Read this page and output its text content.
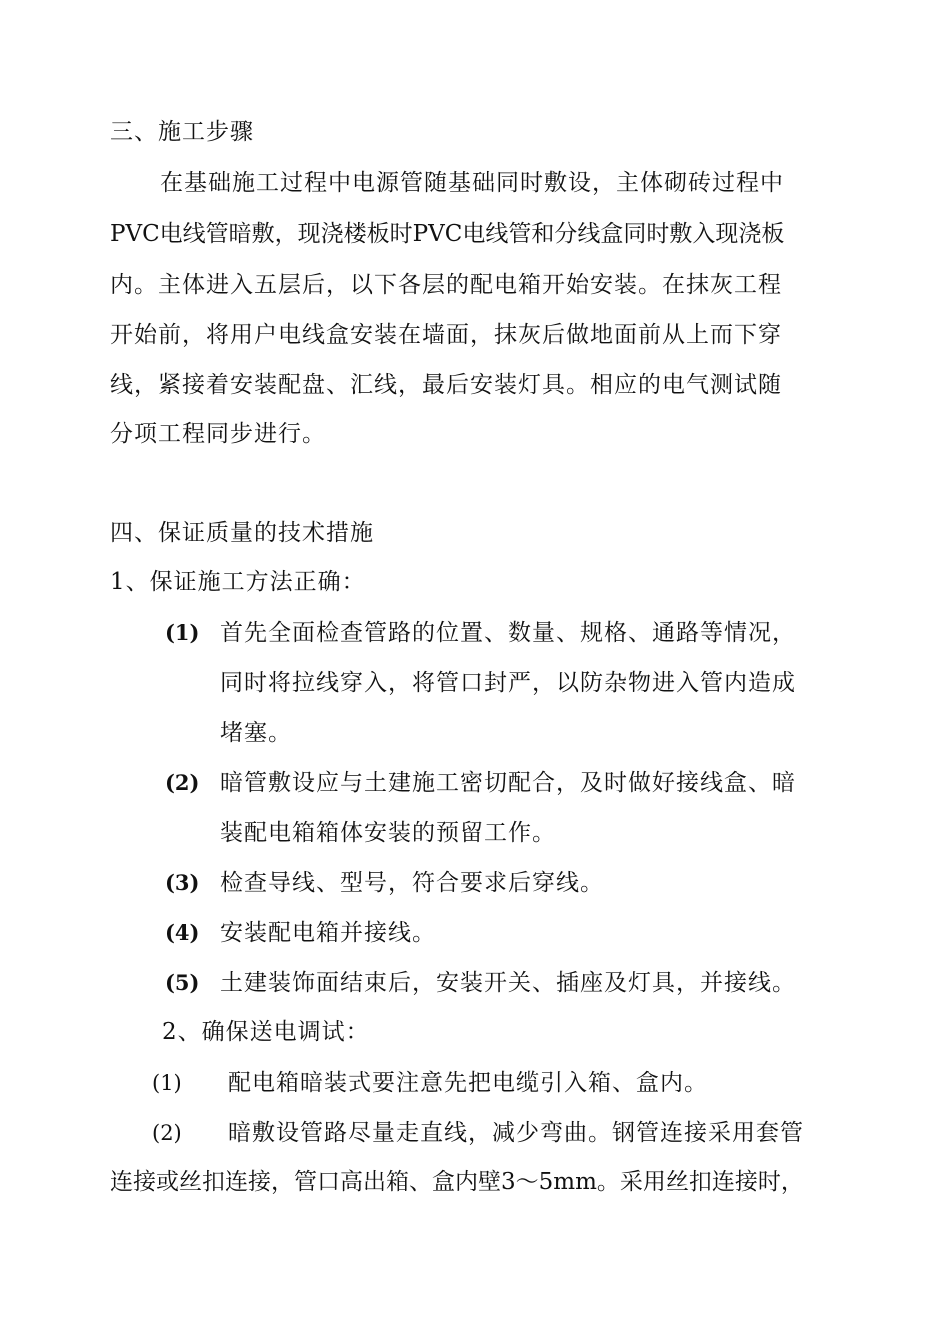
三、施工步骤
在基础施工过程中电源管随基础同时敷设，主体砌砖过程中
PVC电线管暗敷，现浇楼板时PVC电线管和分线盒同时敷入现浇板
内。主体进入五层后，以下各层的配电箱开始安装。在抹灰工程
开始前，将用户电线盒安装在墙面，抹灰后做地面前从上而下穿
线，紧接着安装配盘、汇线，最后安装灯具。相应的电气测试随
分项工程同步进行。
四、保证质量的技术措施
1、保证施工方法正确：
(1) 首先全面检查管路的位置、数量、规格、通路等情况，
同时将拉线穿入，将管口封严，以防杂物进入管内造成
堵塞。
(2) 暗管敷设应与土建施工密切配合，及时做好接线盒、暗
装配电箱箱体安装的预留工作。
(3) 检查导线、型号，符合要求后穿线。
(4) 安装配电箱并接线。
(5) 土建装饰面结束后，安装开关、插座及灯具，并接线。
2、确保送电调试：
(1) 配电箱暗装式要注意先把电缆引入箱、盒内。
(2) 暗敷设管路尽量走直线，减少弯曲。钢管连接采用套管
连接或丝扣连接，管口高出箱、盒内壁3～5mm。采用丝扣连接时，
